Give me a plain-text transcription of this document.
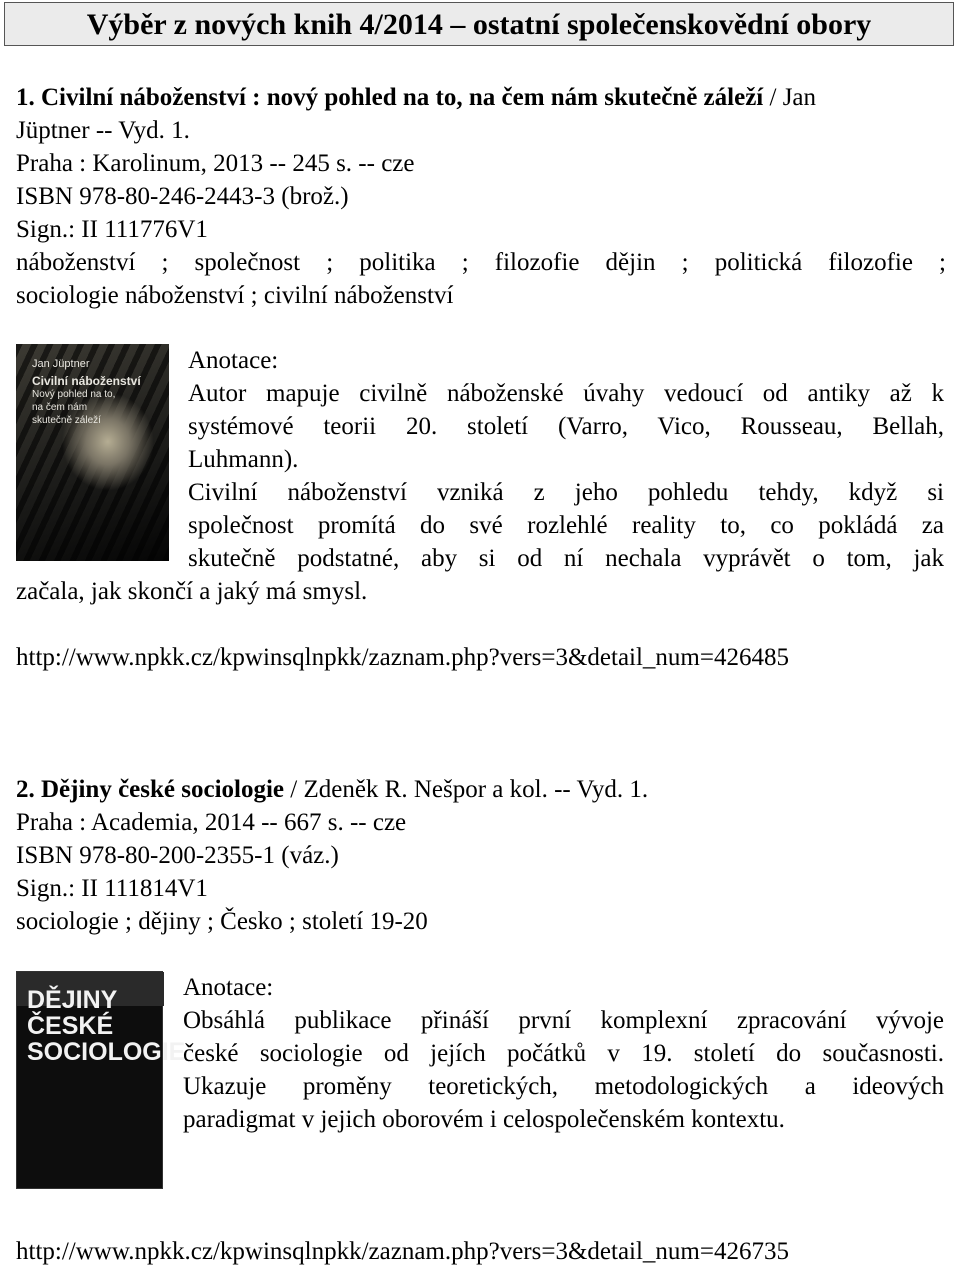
Výběr z nových knih 4/2014 – ostatní společenskovědní obory
1. Civilní náboženství : nový pohled na to, na čem nám skutečně záleží / Jan
Jüptner -- Vyd. 1.
Praha : Karolinum, 2013 -- 245 s. -- cze
ISBN 978-80-246-2443-3 (brož.)
Sign.: II 111776V1
náboženství ; společnost ; politika ; filozofie dějin ; politická filozofie ;
sociologie náboženství ; civilní náboženství
Jan Jüptner
Civilní náboženství
Nový pohled na to,
na čem nám
skutečně záleží
Anotace:
Autor mapuje civilně náboženské úvahy vedoucí od antiky až k
systémové teorii 20. století (Varro, Vico, Rousseau, Bellah,
Luhmann).
Civilní náboženství vzniká z jeho pohledu tehdy, když si
společnost promítá do své rozlehlé reality to, co pokládá za
skutečně podstatné, aby si od ní nechala vyprávět o tom, jak
začala, jak skončí a jaký má smysl.
http://www.npkk.cz/kpwinsqlnpkk/zaznam.php?vers=3&detail_num=426485
2. Dějiny české sociologie / Zdeněk R. Nešpor a kol. -- Vyd. 1.
Praha : Academia, 2014 -- 667 s. -- cze
ISBN 978-80-200-2355-1 (váz.)
Sign.: II 111814V1
sociologie ; dějiny ; Česko ; století 19-20
DĚJINY
ČESKÉ
SOCIOLOGIE
Anotace:
Obsáhlá publikace přináší první komplexní zpracování vývoje
české sociologie od jejích počátků v 19. století do současnosti.
Ukazuje proměny teoretických, metodologických a ideových
paradigmat v jejich oborovém i celospolečenském kontextu.
http://www.npkk.cz/kpwinsqlnpkk/zaznam.php?vers=3&detail_num=426735
